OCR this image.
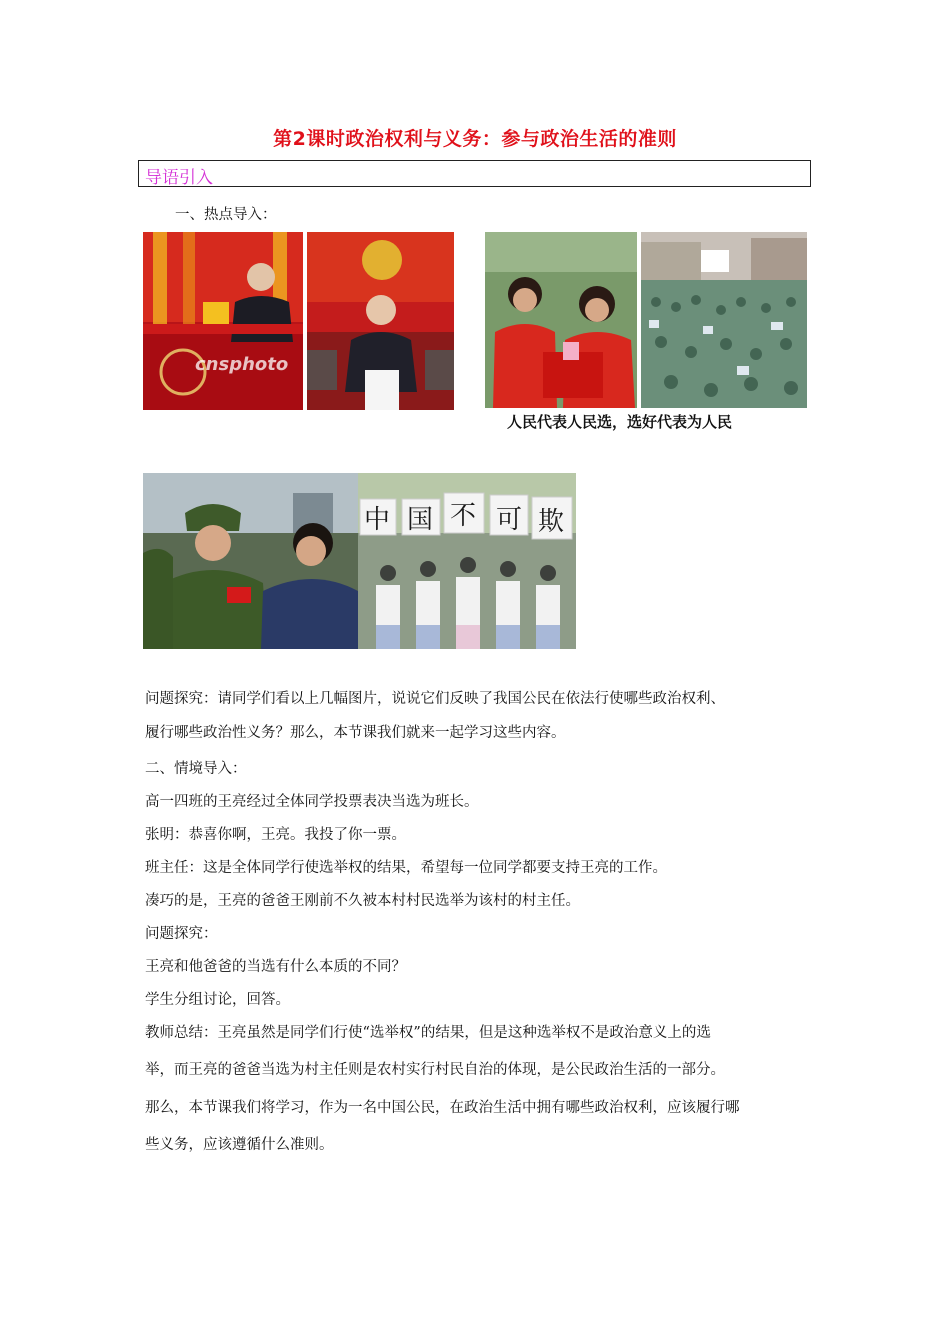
第2课时政治权利与义务：参与政治生活的准则
导语引入
一、热点导入：
cnsphoto
人民代表人民选，选好代表为人民
中 国 不 可 欺
问题探究：请同学们看以上几幅图片，说说它们反映了我国公民在依法行使哪些政治权利、
履行哪些政治性义务？那么，本节课我们就来一起学习这些内容。
二、情境导入：
高一四班的王亮经过全体同学投票表决当选为班长。
张明：恭喜你啊，王亮。我投了你一票。
班主任：这是全体同学行使选举权的结果，希望每一位同学都要支持王亮的工作。
凑巧的是，王亮的爸爸王刚前不久被本村村民选举为该村的村主任。
问题探究：
王亮和他爸爸的当选有什么本质的不同？
学生分组讨论，回答。
教师总结：王亮虽然是同学们行使“选举权”的结果，但是这种选举权不是政治意义上的选
举，而王亮的爸爸当选为村主任则是农村实行村民自治的体现，是公民政治生活的一部分。
那么，本节课我们将学习，作为一名中国公民，在政治生活中拥有哪些政治权利，应该履行哪
些义务，应该遵循什么准则。
